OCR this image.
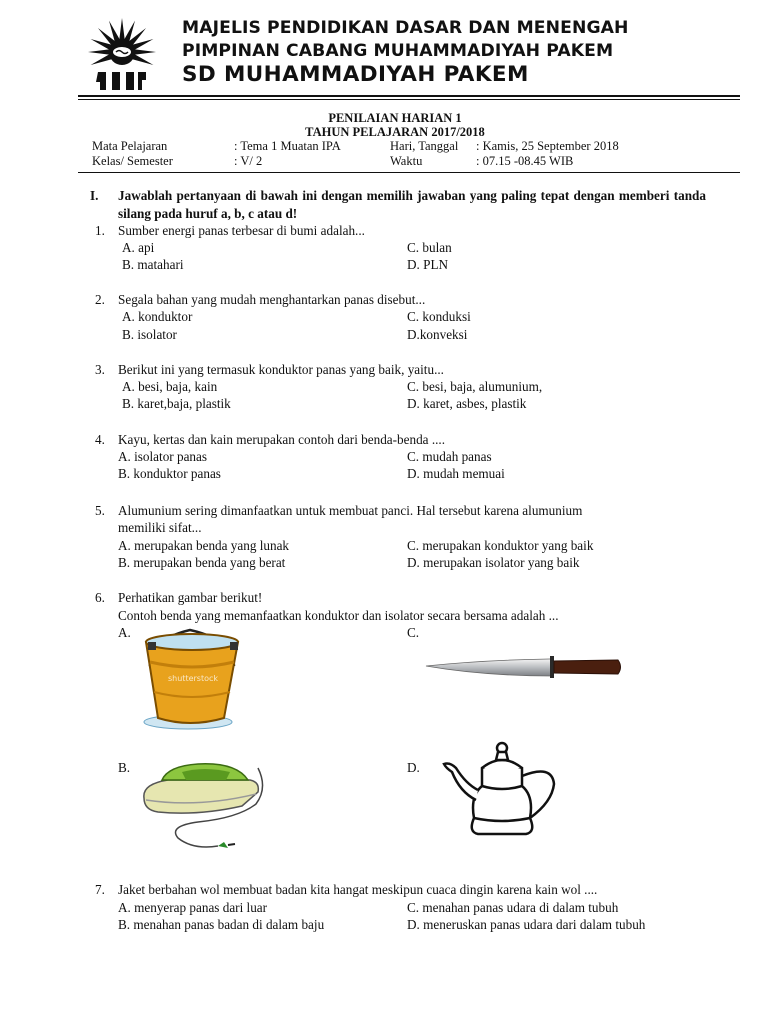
MAJELIS PENDIDIKAN DASAR DAN MENENGAH
PIMPINAN CABANG MUHAMMADIYAH PAKEM
SD MUHAMMADIYAH PAKEM
PENILAIAN HARIAN 1
TAHUN PELAJARAN 2017/2018
Mata Pelajaran	: Tema 1 Muatan IPA	Hari, Tanggal : Kamis, 25 September 2018
Kelas/ Semester	: V/ 2	Waktu	: 07.15 -08.45 WIB
I. Jawablah pertanyaan di bawah ini dengan memilih jawaban yang paling tepat dengan memberi tanda silang pada huruf a, b, c atau d!
1. Sumber energi panas terbesar di bumi adalah...
A. api	C. bulan
B. matahari	D. PLN
2. Segala bahan yang mudah menghantarkan panas disebut...
A. konduktor	C. konduksi
B. isolator	D.konveksi
3. Berikut ini yang termasuk konduktor panas yang baik, yaitu...
A. besi, baja, kain	C. besi, baja, alumunium,
B. karet,baja, plastik	D. karet, asbes, plastik
4. Kayu, kertas dan kain merupakan contoh dari benda-benda ....
A. isolator panas	C. mudah panas
B. konduktor panas	D. mudah memuai
5. Alumunium sering dimanfaatkan untuk membuat panci. Hal tersebut karena alumunium
memiliki sifat...
A. merupakan benda yang lunak	C. merupakan konduktor yang baik
B. merupakan benda yang berat	D. merupakan isolator yang baik
6. Perhatikan gambar berikut!
Contoh benda yang memanfaatkan konduktor dan isolator secara bersama adalah ...
A.	C.
B.	D.
shutterstock
7. Jaket berbahan wol membuat badan kita hangat meskipun cuaca dingin karena kain wol ....
A. menyerap panas dari luar	C. menahan panas udara di dalam tubuh
B. menahan panas badan di dalam baju	D. meneruskan panas udara dari dalam tubuh
